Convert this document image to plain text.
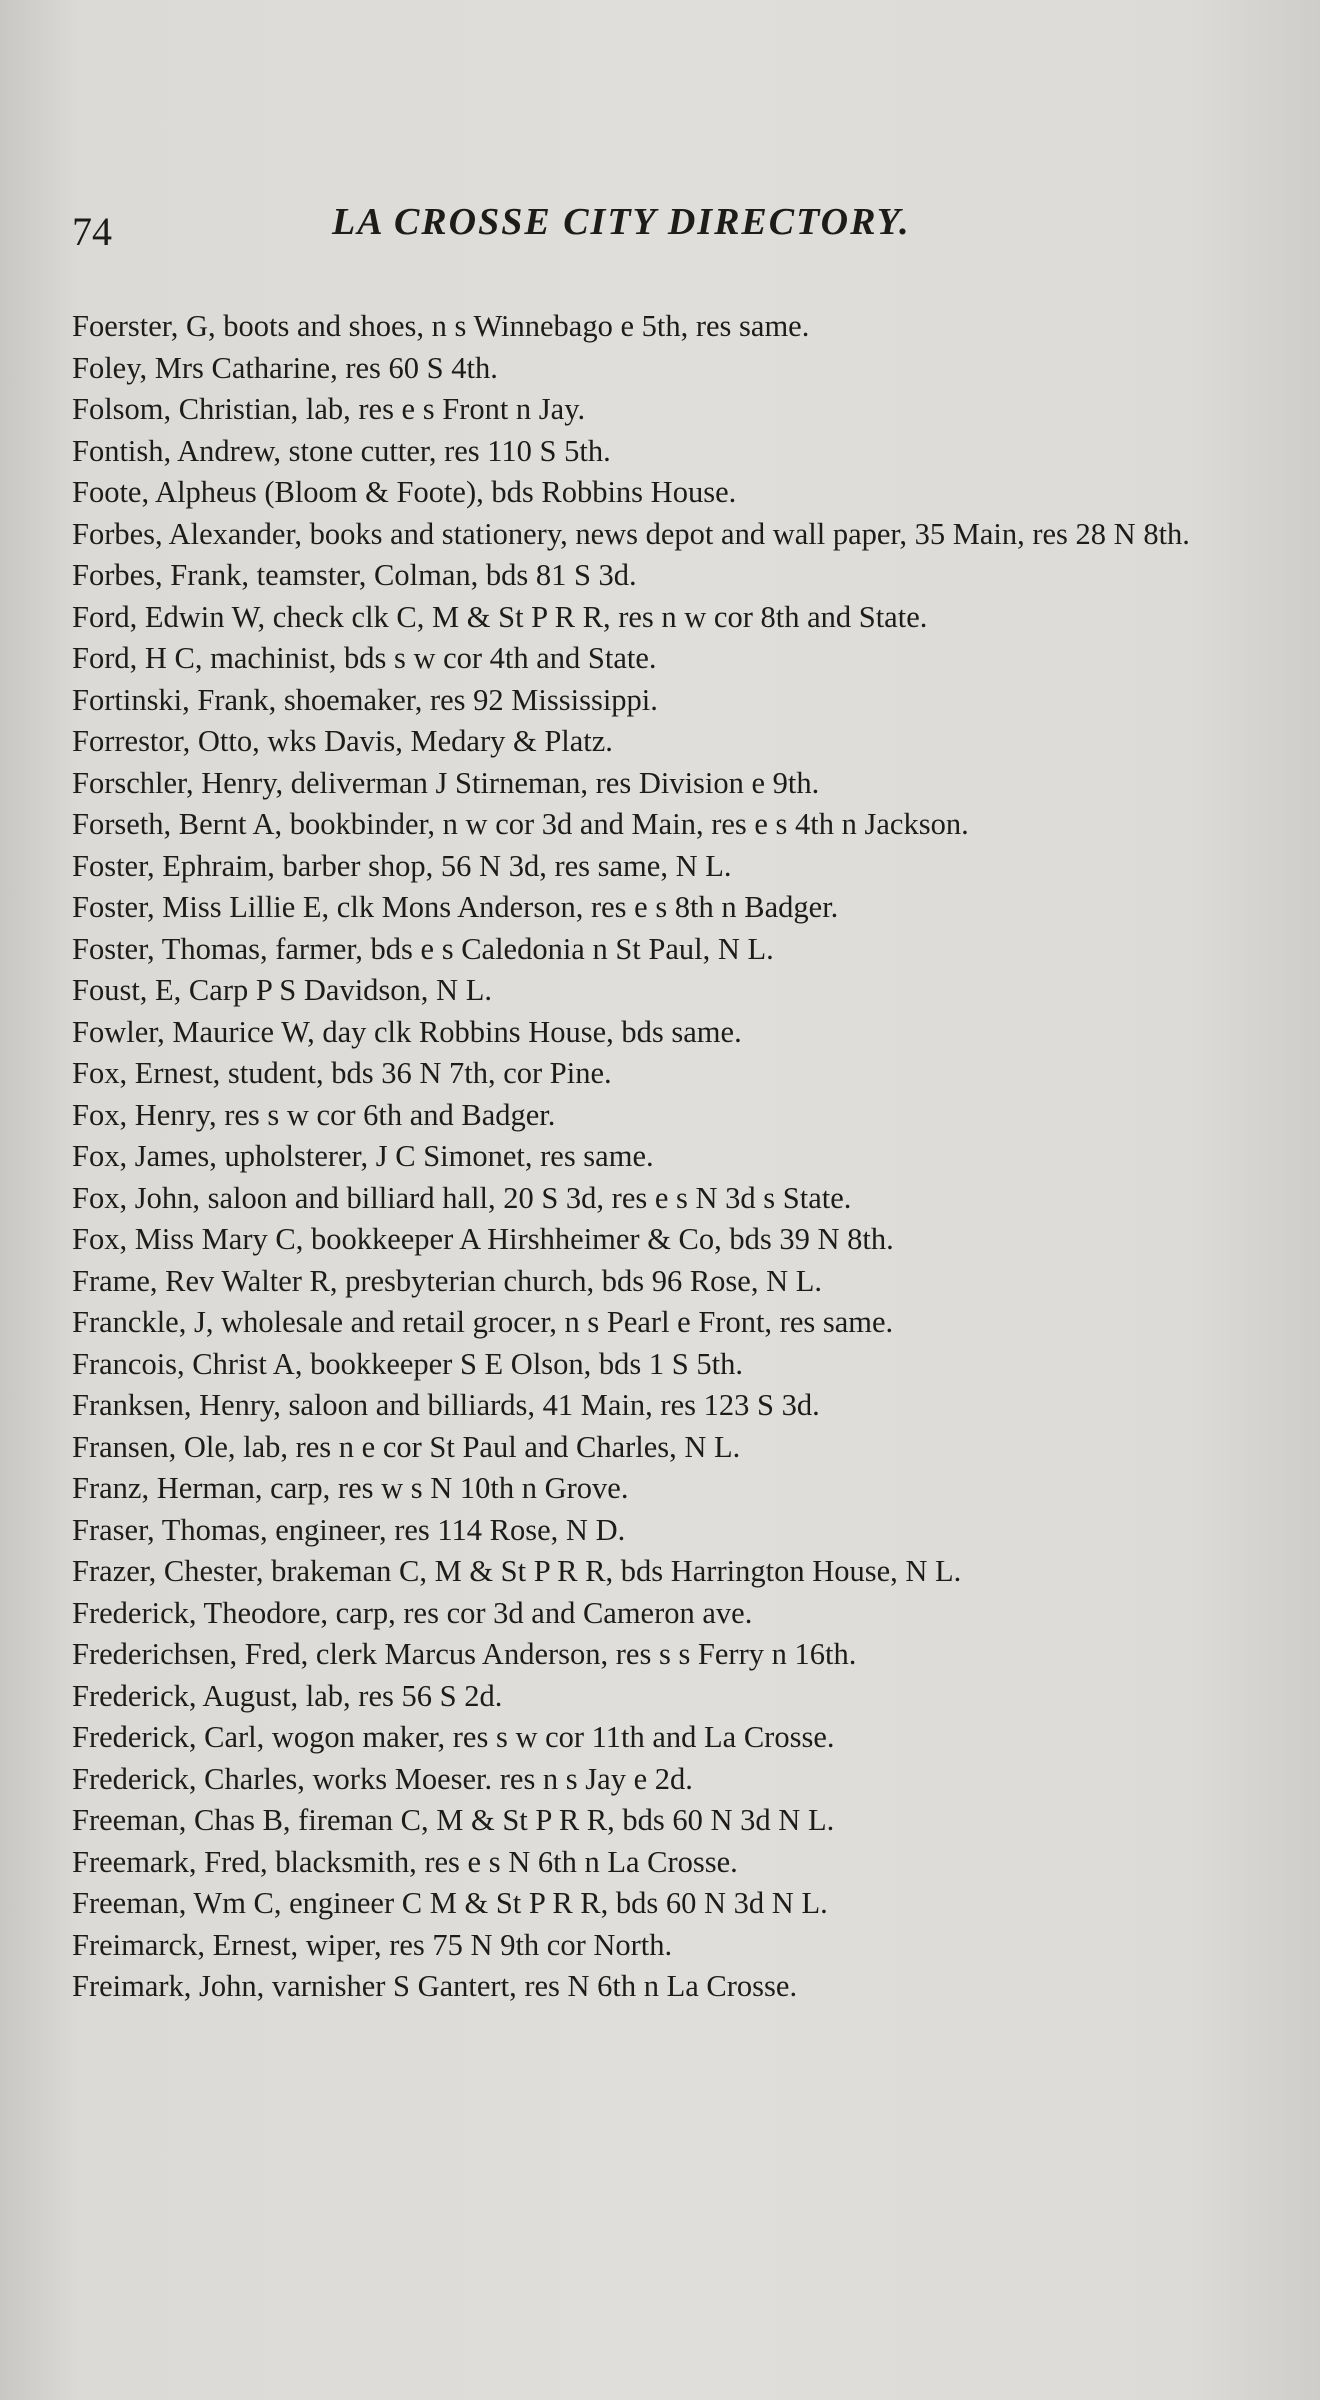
74	LA CROSSE CITY DIRECTORY.
Foerster, G, boots and shoes, n s Winnebago e 5th, res same.
Foley, Mrs Catharine, res 60 S 4th.
Folsom, Christian, lab, res e s Front n Jay.
Fontish, Andrew, stone cutter, res 110 S 5th.
Foote, Alpheus (Bloom & Foote), bds Robbins House.
Forbes, Alexander, books and stationery, news depot and wall paper, 35 Main, res 28 N 8th.
Forbes, Frank, teamster, Colman, bds 81 S 3d.
Ford, Edwin W, check clk C, M & St P R R, res n w cor 8th and State.
Ford, H C, machinist, bds s w cor 4th and State.
Fortinski, Frank, shoemaker, res 92 Mississippi.
Forrestor, Otto, wks Davis, Medary & Platz.
Forschler, Henry, deliverman J Stirneman, res Division e 9th.
Forseth, Bernt A, bookbinder, n w cor 3d and Main, res e s 4th n Jackson.
Foster, Ephraim, barber shop, 56 N 3d, res same, N L.
Foster, Miss Lillie E, clk Mons Anderson, res e s 8th n Badger.
Foster, Thomas, farmer, bds e s Caledonia n St Paul, N L.
Foust, E, Carp P S Davidson, N L.
Fowler, Maurice W, day clk Robbins House, bds same.
Fox, Ernest, student, bds 36 N 7th, cor Pine.
Fox, Henry, res s w cor 6th and Badger.
Fox, James, upholsterer, J C Simonet, res same.
Fox, John, saloon and billiard hall, 20 S 3d, res e s N 3d s State.
Fox, Miss Mary C, bookkeeper A Hirshheimer & Co, bds 39 N 8th.
Frame, Rev Walter R, presbyterian church, bds 96 Rose, N L.
Franckle, J, wholesale and retail grocer, n s Pearl e Front, res same.
Francois, Christ A, bookkeeper S E Olson, bds 1 S 5th.
Franksen, Henry, saloon and billiards, 41 Main, res 123 S 3d.
Fransen, Ole, lab, res n e cor St Paul and Charles, N L.
Franz, Herman, carp, res w s N 10th n Grove.
Fraser, Thomas, engineer, res 114 Rose, N D.
Frazer, Chester, brakeman C, M & St P R R, bds Harrington House, N L.
Frederick, Theodore, carp, res cor 3d and Cameron ave.
Frederichsen, Fred, clerk Marcus Anderson, res s s Ferry n 16th.
Frederick, August, lab, res 56 S 2d.
Frederick, Carl, wogon maker, res s w cor 11th and La Crosse.
Frederick, Charles, works Moeser. res n s Jay e 2d.
Freeman, Chas B, fireman C, M & St P R R, bds 60 N 3d N L.
Freemark, Fred, blacksmith, res e s N 6th n La Crosse.
Freeman, Wm C, engineer C M & St P R R, bds 60 N 3d N L.
Freimarck, Ernest, wiper, res 75 N 9th cor North.
Freimark, John, varnisher S Gantert, res N 6th n La Crosse.
